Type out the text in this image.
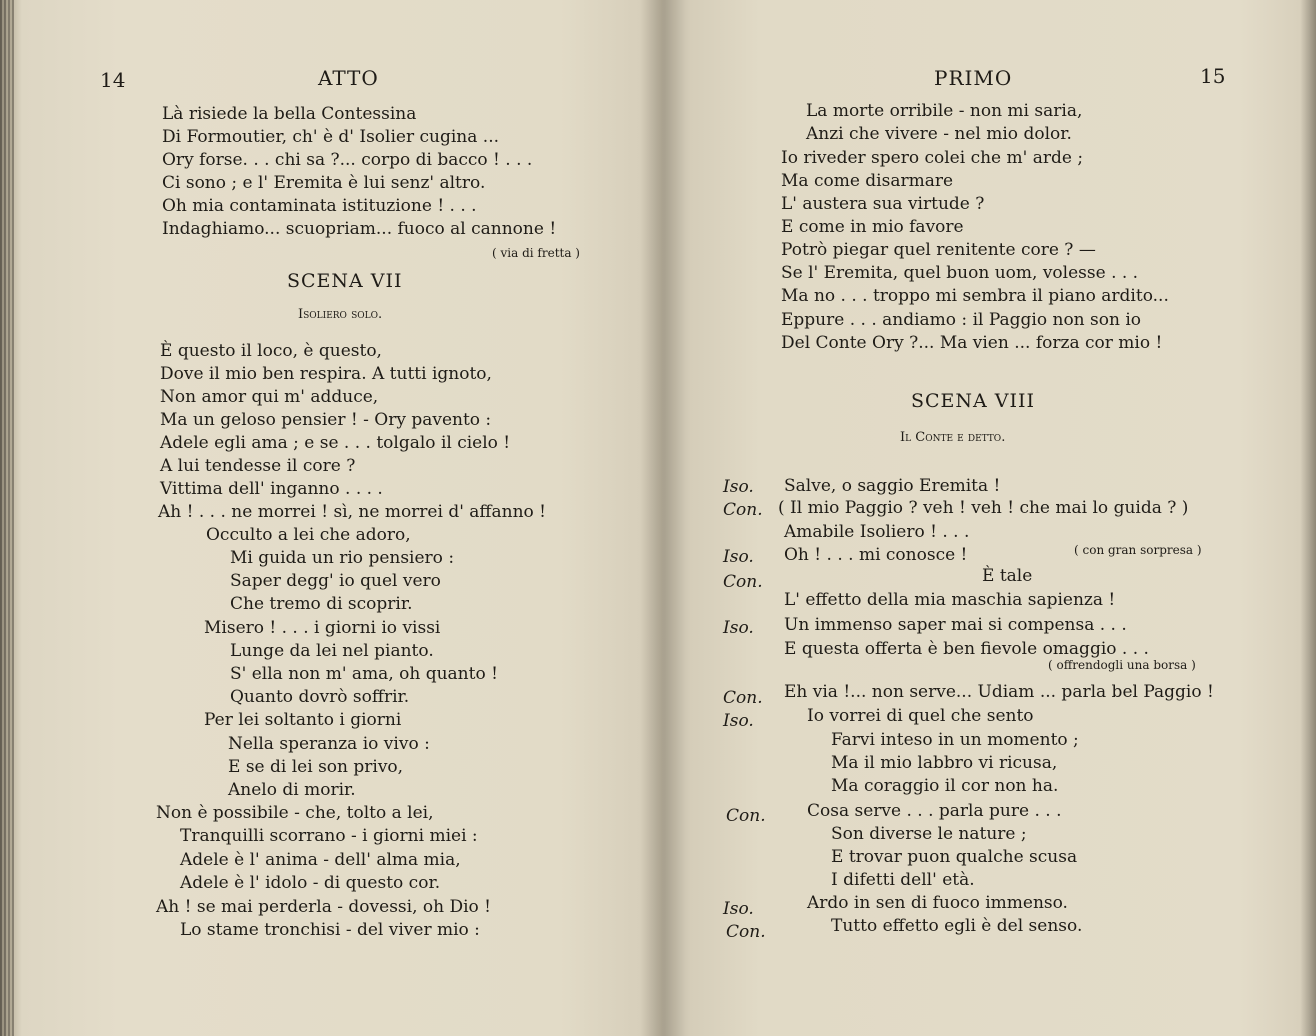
14	ATTO
Là risiede la bella Contessina
Di Formoutier, ch' è d' Isolier cugina ...
Ory forse. . . chi sa ?... corpo di bacco ! . . .
Ci sono ; e l' Eremita è lui senz' altro.
Oh mia contaminata istituzione ! . . .
Indaghiamo... scuopriam... fuoco al cannone !
( via di fretta )
SCENA VII
Isoliero solo.
È questo il loco, è questo,
Dove il mio ben respira. A tutti ignoto,
Non amor qui m' adduce,
Ma un geloso pensier ! - Ory pavento :
Adele egli ama ; e se . . . tolgalo il cielo !
A lui tendesse il core ?
Vittima dell' inganno . . . .
Ah ! . . . ne morrei ! sì, ne morrei d' affanno !
Occulto a lei che adoro,
Mi guida un rio pensiero :
Saper degg' io quel vero
Che tremo di scoprir.
Misero ! . . . i giorni io vissi
Lunge da lei nel pianto.
S' ella non m' ama, oh quanto !
Quanto dovrò soffrir.
Per lei soltanto i giorni
Nella speranza io vivo :
E se di lei son privo,
Anelo di morir.
Non è possibile - che, tolto a lei,
Tranquilli scorrano - i giorni miei :
Adele è l' anima - dell' alma mia,
Adele è l' idolo - di questo cor.
Ah ! se mai perderla - dovessi, oh Dio !
Lo stame tronchisi - del viver mio :
PRIMO	15
La morte orribile - non mi saria,
Anzi che vivere - nel mio dolor.
Io riveder spero colei che m' arde ;
Ma come disarmare
L' austera sua virtude ?
E come in mio favore
Potrò piegar quel renitente core ? —
Se l' Eremita, quel buon uom, volesse . . .
Ma no . . . troppo mi sembra il piano ardito...
Eppure . . . andiamo : il Paggio non son io
Del Conte Ory ?... Ma vien ... forza cor mio !
SCENA VIII
Il Conte e detto.
Iso. Salve, o saggio Eremita !
Con. ( Il mio Paggio ? veh ! veh ! che mai lo guida ? )
Amabile Isoliero ! . . .
Iso. Oh ! . . . mi conosce !	( con gran sorpresa )
Con.	È tale
L' effetto della mia maschia sapienza !
Iso. Un immenso saper mai si compensa . . .
E questa offerta è ben fievole omaggio . . .
( offrendogli una borsa )
Con. Eh via !... non serve... Udiam ... parla bel Paggio !
Iso.	Io vorrei di quel che sento
Farvi inteso in un momento ;
Ma il mio labbro vi ricusa,
Ma coraggio il cor non ha.
Con. Cosa serve . . . parla pure . . .
Son diverse le nature ;
E trovar puon qualche scusa
I difetti dell' età.
Iso.	Ardo in sen di fuoco immenso.
Con.	Tutto effetto egli è del senso.
